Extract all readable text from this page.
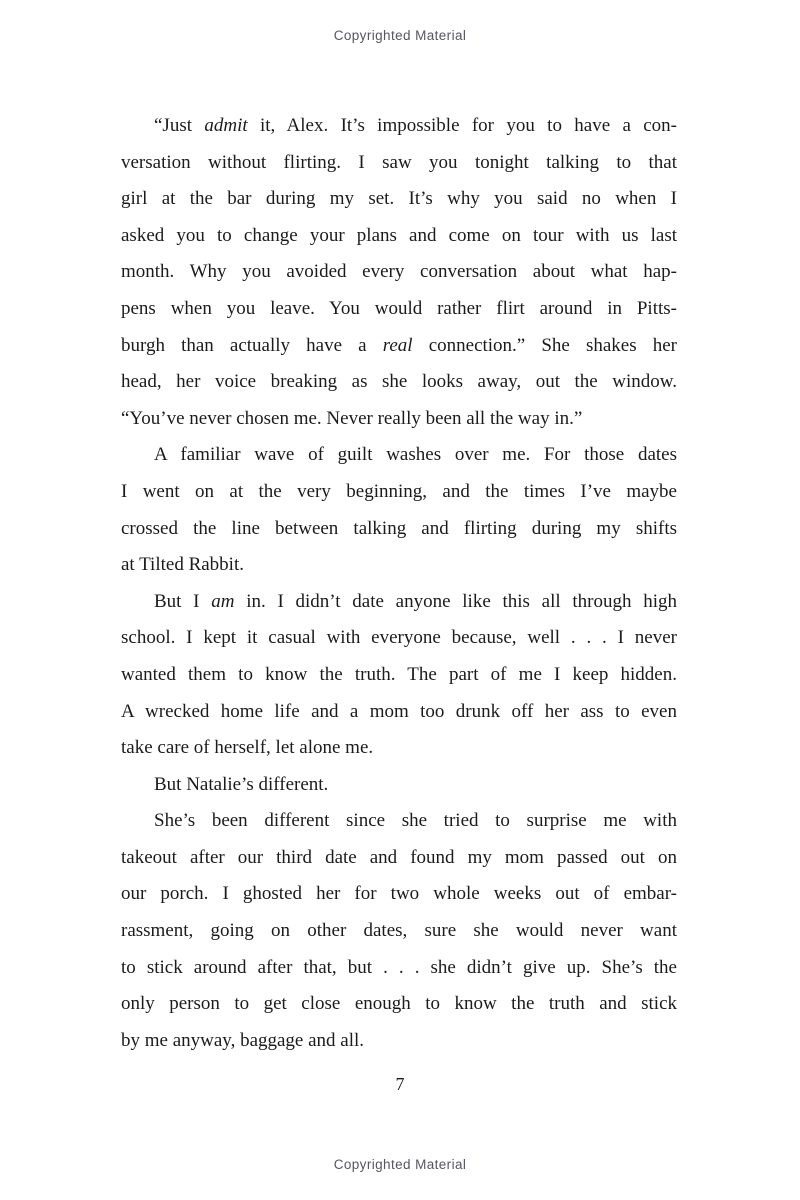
Copyrighted Material
“Just admit it, Alex. It’s impossible for you to have a con-
versation without flirting. I saw you tonight talking to that
girl at the bar during my set. It’s why you said no when I
asked you to change your plans and come on tour with us last
month. Why you avoided every conversation about what hap-
pens when you leave. You would rather flirt around in Pitts-
burgh than actually have a real connection.” She shakes her
head, her voice breaking as she looks away, out the window.
“You’ve never chosen me. Never really been all the way in.”
A familiar wave of guilt washes over me. For those dates
I went on at the very beginning, and the times I’ve maybe
crossed the line between talking and flirting during my shifts
at Tilted Rabbit.
But I am in. I didn’t date anyone like this all through high
school. I kept it casual with everyone because, well . . . I never
wanted them to know the truth. The part of me I keep hidden.
A wrecked home life and a mom too drunk off her ass to even
take care of herself, let alone me.
But Natalie’s different.
She’s been different since she tried to surprise me with
takeout after our third date and found my mom passed out on
our porch. I ghosted her for two whole weeks out of embar-
rassment, going on other dates, sure she would never want
to stick around after that, but . . . she didn’t give up. She’s the
only person to get close enough to know the truth and stick
by me anyway, baggage and all.
7
Copyrighted Material
